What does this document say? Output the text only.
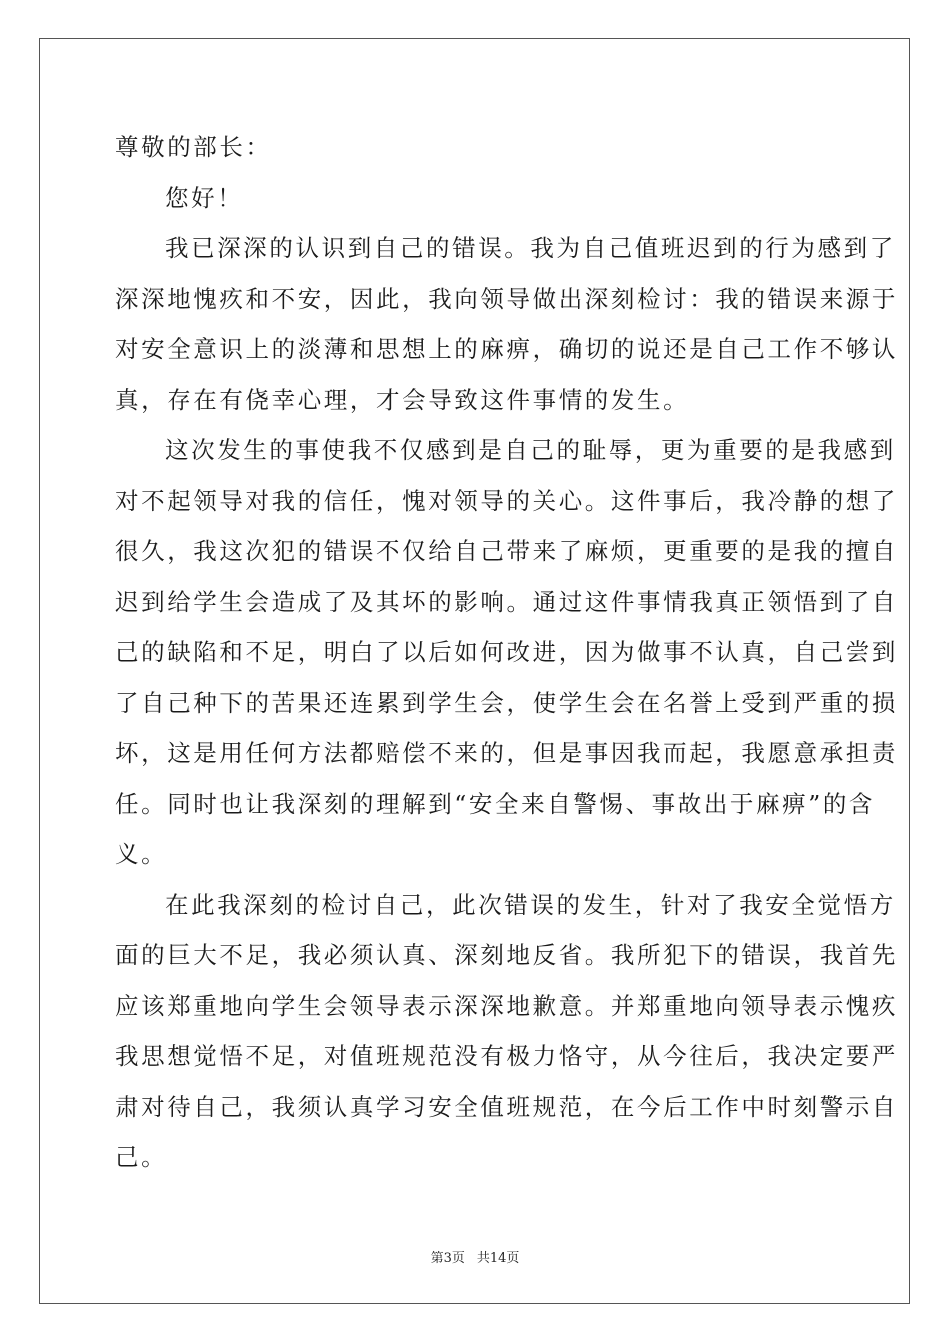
尊敬的部长：
您好！
我已深深的认识到自己的错误。我为自己值班迟到的行为感到了
深深地愧疚和不安，因此，我向领导做出深刻检讨：我的错误来源于
对安全意识上的淡薄和思想上的麻痹，确切的说还是自己工作不够认
真，存在有侥幸心理，才会导致这件事情的发生。
这次发生的事使我不仅感到是自己的耻辱，更为重要的是我感到
对不起领导对我的信任，愧对领导的关心。这件事后，我冷静的想了
很久，我这次犯的错误不仅给自己带来了麻烦，更重要的是我的擅自
迟到给学生会造成了及其坏的影响。通过这件事情我真正领悟到了自
己的缺陷和不足，明白了以后如何改进，因为做事不认真，自己尝到
了自己种下的苦果还连累到学生会，使学生会在名誉上受到严重的损
坏，这是用任何方法都赔偿不来的，但是事因我而起，我愿意承担责
任。同时也让我深刻的理解到“安全来自警惕、事故出于麻痹”的含
义。
在此我深刻的检讨自己，此次错误的发生，针对了我安全觉悟方
面的巨大不足，我必须认真、深刻地反省。我所犯下的错误，我首先
应该郑重地向学生会领导表示深深地歉意。并郑重地向领导表示愧疚
我思想觉悟不足，对值班规范没有极力恪守，从今往后，我决定要严
肃对待自己，我须认真学习安全值班规范，在今后工作中时刻警示自
己。
第3页 共14页
